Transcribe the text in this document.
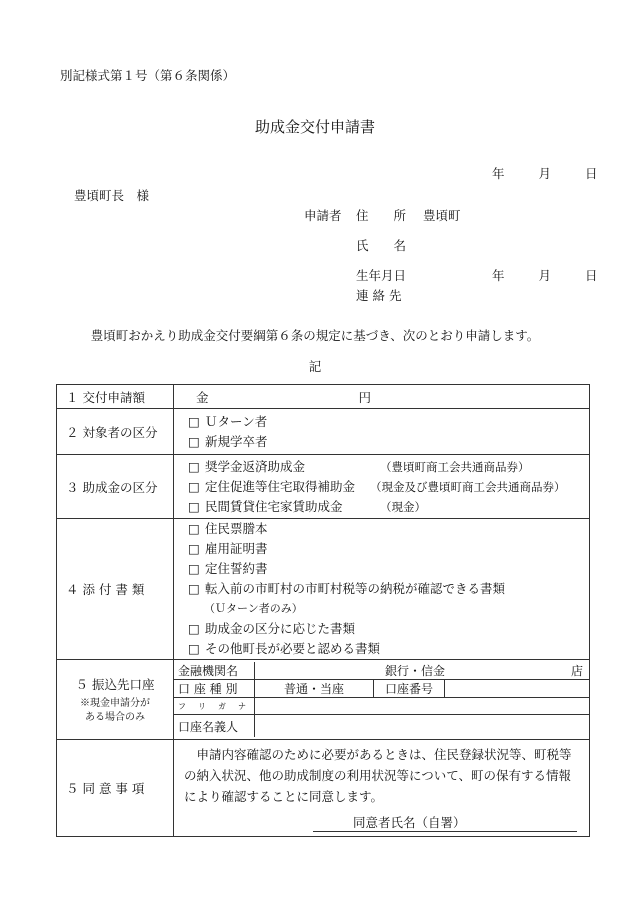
別記様式第１号（第６条関係）
助成金交付申請書
年	月	日
豊頃町長　様
申請者 住　　所 豊頃町
氏　　名
生年月日	年	月	日
連 絡 先
豊頃町おかえり助成金交付要綱第６条の規定に基づき、次のとおり申請します。
記
１ 交付申請額	金	円
２ 対象者の区分	
□ Ｕターン者
□ 新規学卒者

３ 助成金の区分	
□ 奨学金返済助成金	（豊頃町商工会共通商品券）
□ 定住促進等住宅取得補助金 （現金及び豊頃町商工会共通商品券）
□ 民間賃貸住宅家賃助成金	（現金）

４ 添 付 書 類	
□ 住民票謄本
□ 雇用証明書
□ 定住誓約書
□ 転入前の市町村の市町村税等の納税が確認できる書類
（Ｕターン者のみ）
□ 助成金の区分に応じた書類
□ その他町長が必要と認める書類

５ 振込先口座
※現金申請分が
ある場合のみ

金融機関名	銀行・信金	店

口 座 種 別		普通・当座	口座番号	

フ　リ　ガ　ナ	
口座名義人	

５ 同 意 事 項	
申請内容確認のために必要があるときは、住民登録状況等、町税等の納入状況、他の助成制度の利用状況等について、町の保有する情報により確認することに同意します。
同意者氏名（自署）
